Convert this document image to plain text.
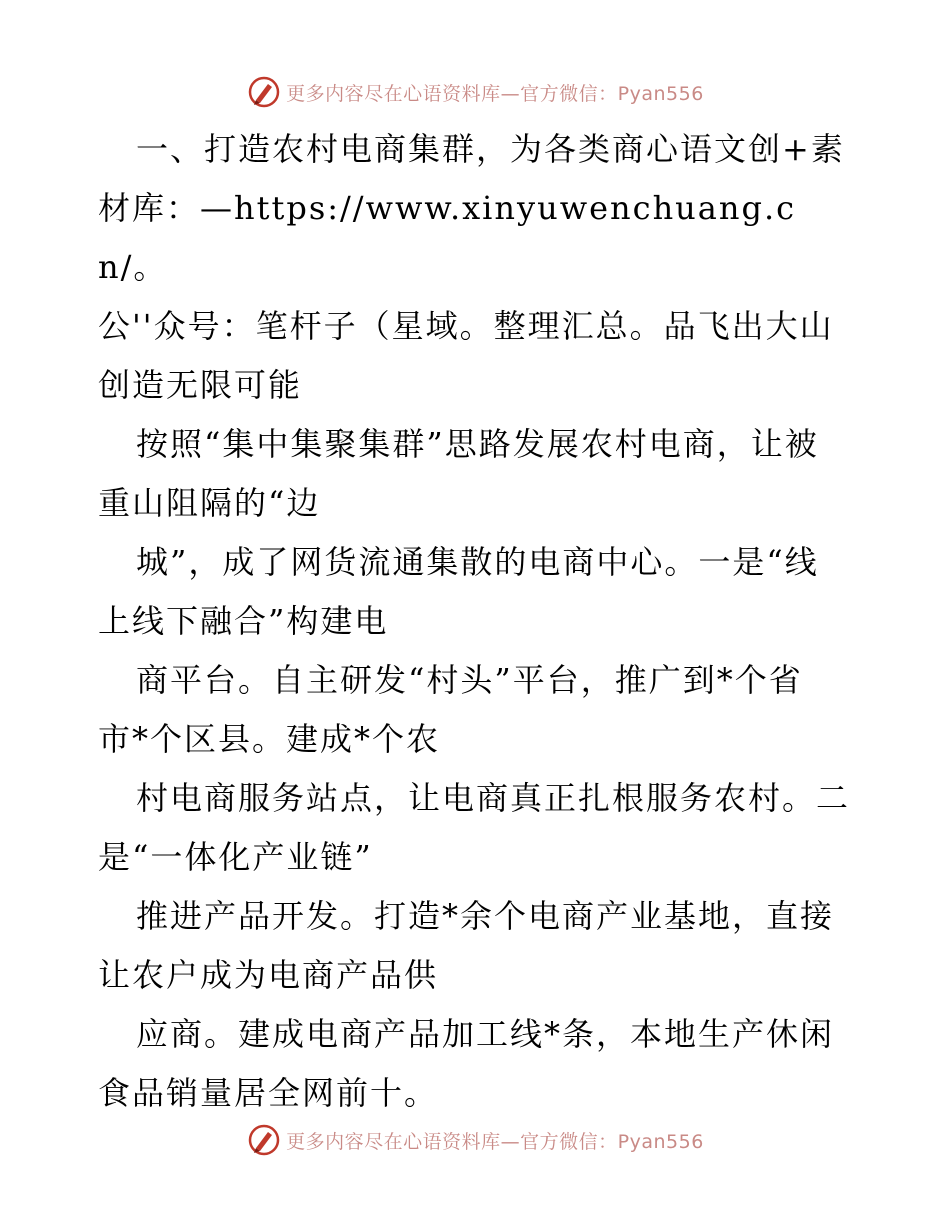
更多内容尽在心语资料库—官方微信：Pyan556

一、打造农村电商集群，为各类商心语文创+素

材库：—https://www.xinyuwenchuang.cn/。

公''众号：笔杆子（星域。整理汇总。品飞出大山

创造无限可能

按照“集中集聚集群”思路发展农村电商，让被

重山阻隔的“边

城”，成了网货流通集散的电商中心。一是“线

上线下融合”构建电

商平台。自主研发“村头”平台，推广到*个省

市*个区县。建成*个农

村电商服务站点，让电商真正扎根服务农村。二

是“一体化产业链”

推进产品开发。打造*余个电商产业基地，直接

让农户成为电商产品供

应商。建成电商产品加工线*条，本地生产休闲

食品销量居全网前十。

更多内容尽在心语资料库—官方微信：Pyan556
